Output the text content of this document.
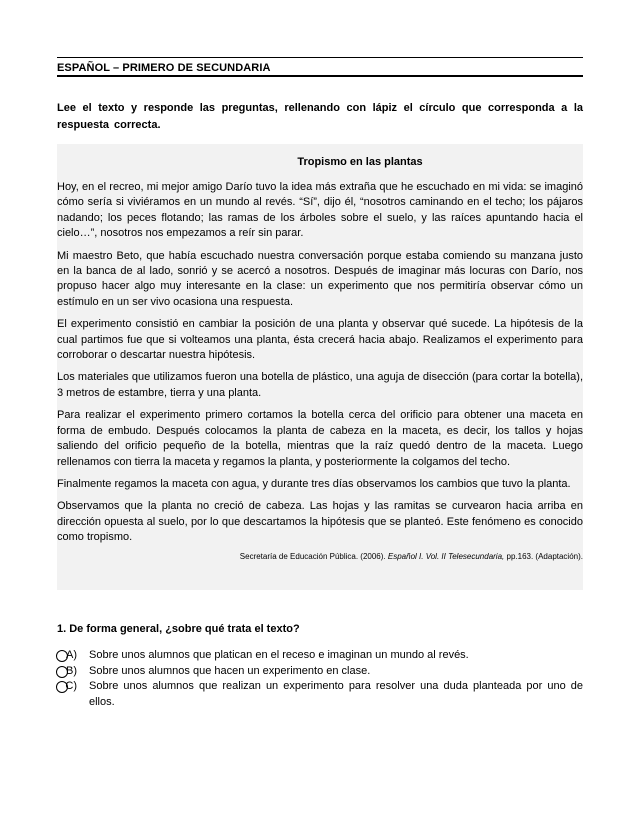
ESPAÑOL – PRIMERO DE SECUNDARIA
Lee el texto y responde las preguntas, rellenando con lápiz el círculo que corresponda a la respuesta correcta.
Tropismo en las plantas

Hoy, en el recreo, mi mejor amigo Darío tuvo la idea más extraña que he escuchado en mi vida: se imaginó cómo sería si viviéramos en un mundo al revés. “Sí”, dijo él, “nosotros caminando en el techo; los pájaros nadando; los peces flotando; las ramas de los árboles sobre el suelo, y las raíces apuntando hacia el cielo…”, nosotros nos empezamos a reír sin parar.

Mi maestro Beto, que había escuchado nuestra conversación porque estaba comiendo su manzana justo en la banca de al lado, sonrió y se acercó a nosotros. Después de imaginar más locuras con Darío, nos propuso hacer algo muy interesante en la clase: un experimento que nos permitiría observar cómo un estímulo en un ser vivo ocasiona una respuesta.

El experimento consistió en cambiar la posición de una planta y observar qué sucede. La hipótesis de la cual partimos fue que si volteamos una planta, ésta crecerá hacia abajo. Realizamos el experimento para corroborar o descartar nuestra hipótesis.

Los materiales que utilizamos fueron una botella de plástico, una aguja de disección (para cortar la botella), 3 metros de estambre, tierra y una planta.

Para realizar el experimento primero cortamos la botella cerca del orificio para obtener una maceta en forma de embudo. Después colocamos la planta de cabeza en la maceta, es decir, los tallos y hojas saliendo del orificio pequeño de la botella, mientras que la raíz quedó dentro de la maceta. Luego rellenamos con tierra la maceta y regamos la planta, y posteriormente la colgamos del techo.

Finalmente regamos la maceta con agua, y durante tres días observamos los cambios que tuvo la planta.

Observamos que la planta no creció de cabeza. Las hojas y las ramitas se curvearon hacia arriba en dirección opuesta al suelo, por lo que descartamos la hipótesis que se planteó. Este fenómeno es conocido como tropismo.

Secretaría de Educación Pública. (2006). Español I. Vol. II Telesecundaria, pp.163. (Adaptación).
1. De forma general, ¿sobre qué trata el texto?
A)	Sobre unos alumnos que platican en el receso e imaginan un mundo al revés.
B)	Sobre unos alumnos que hacen un experimento en clase.
C)	Sobre unos alumnos que realizan un experimento para resolver una duda planteada por uno de ellos.
